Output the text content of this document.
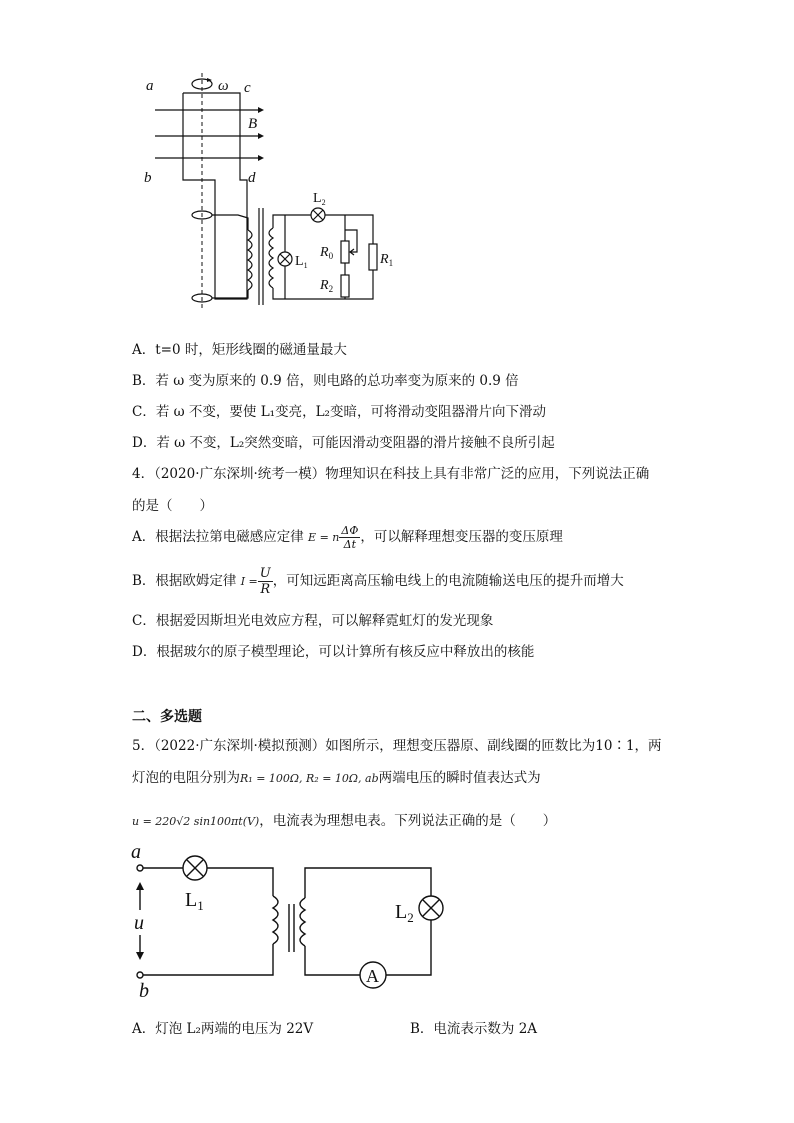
a	ω c
B
b	d
$L_2$
$L_1$
$R_0$	$R_1$
$R_2$
A．t=0 时，矩形线圈的磁通量最大
B．若 ω 变为原来的 0.9 倍，则电路的总功率变为原来的 0.9 倍
C．若 ω 不变，要使 L₁变亮，L₂变暗，可将滑动变阻器滑片向下滑动
D．若 ω 不变，L₂突然变暗，可能因滑动变阻器的滑片接触不良所引起
4．（2020·广东深圳·统考一模）物理知识在科技上具有非常广泛的应用，下列说法正确
的是（　　）
A．根据法拉第电磁感应定律 E = n $\frac{\Delta\Phi}{\Delta t}$ ，可以解释理想变压器的变压原理
B．根据欧姆定律 $I = \frac{U}{R}$ ，可知远距离高压输电线上的电流随输送电压的提升而增大
C．根据爱因斯坦光电效应方程，可以解释霓虹灯的发光现象
D．根据玻尔的原子模型理论，可以计算所有核反应中释放出的核能
二、多选题
5．（2022·广东深圳·模拟预测）如图所示，理想变压器原、副线圈的匝数比为10∶1，两
灯泡的电阻分别为R₁ = 100Ω, R₂ = 10Ω, ab两端电压的瞬时值表达式为
u = 220√2 sin100πt(V)，电流表为理想电表。下列说法正确的是（　　）
a
$L_1$
u
b
$L_2$
A
A．灯泡 L₂两端的电压为 22V	B．电流表示数为 2A
